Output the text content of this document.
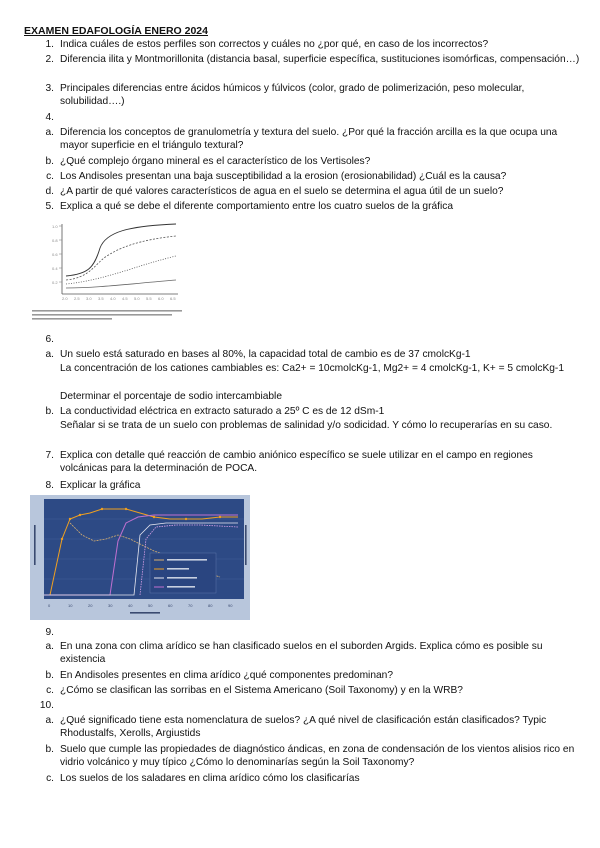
EXAMEN EDAFOLOGÍA ENERO 2024
1. Indica cuáles de estos perfiles son correctos y cuáles no ¿por qué, en caso de los incorrectos?
2. Diferencia ilita y Montmorillonita (distancia basal, superficie específica, sustituciones isomórficas, compensación…)
3. Principales diferencias entre ácidos húmicos y fúlvicos (color, grado de polimerización, peso molecular, solubilidad….)
4.
a. Diferencia los conceptos de granulometría y textura del suelo. ¿Por qué la fracción arcilla es la que ocupa una mayor superficie en el triángulo textural?
b. ¿Qué complejo órgano mineral es el característico de los Vertisoles?
c. Los Andisoles presentan una baja susceptibilidad a la erosion (erosionabilidad) ¿Cuál es la causa?
d. ¿A partir de qué valores característicos de agua en el suelo se determina el agua útil de un suelo?
5. Explica a qué se debe el diferente comportamiento entre los cuatro suelos de la gráfica
1.0
0.8
0.6
0.4
0.2
2.0 2.5 3.0 3.5 4.0 4.5 5.0 5.5 6.0 6.5
6.
a. Un suelo está saturado en bases al 80%, la capacidad total de cambio es de 37 cmolcKg-1
La concentración de los cationes cambiables es: Ca2+ = 10cmolcKg-1, Mg2+ = 4 cmolcKg-1, K+ = 5 cmolcKg-1
Determinar el porcentaje de sodio intercambiable
b. La conductividad eléctrica en extracto saturado a 25º C es de 12 dSm-1
Señalar si se trata de un suelo con problemas de salinidad y/o sodicidad. Y cómo lo recuperarías en su caso.
7. Explica con detalle qué reacción de cambio aniónico específico se suele utilizar en el campo en regiones volcánicas para la determinación de POCA.
8. Explicar la gráfica
0	10	20	30	40	50	60	70	80	90
9.
a. En una zona con clima arídico se han clasificado suelos en el suborden Argids. Explica cómo es posible su existencia
b. En Andisoles presentes en clima arídico ¿qué componentes predominan?
c. ¿Cómo se clasifican las sorribas en el Sistema Americano (Soil Taxonomy) y en la WRB?
10.
a. ¿Qué significado tiene esta nomenclatura de suelos? ¿A qué nivel de clasificación están clasificados? Typic Rhodustalfs, Xerolls, Argiustids
b. Suelo que cumple las propiedades de diagnóstico ándicas, en zona de condensación de los vientos alisios rico en vidrio volcánico y muy típico ¿Cómo lo denominarías según la Soil Taxonomy?
c. Los suelos de los saladares en clima arídico cómo los clasificarías
